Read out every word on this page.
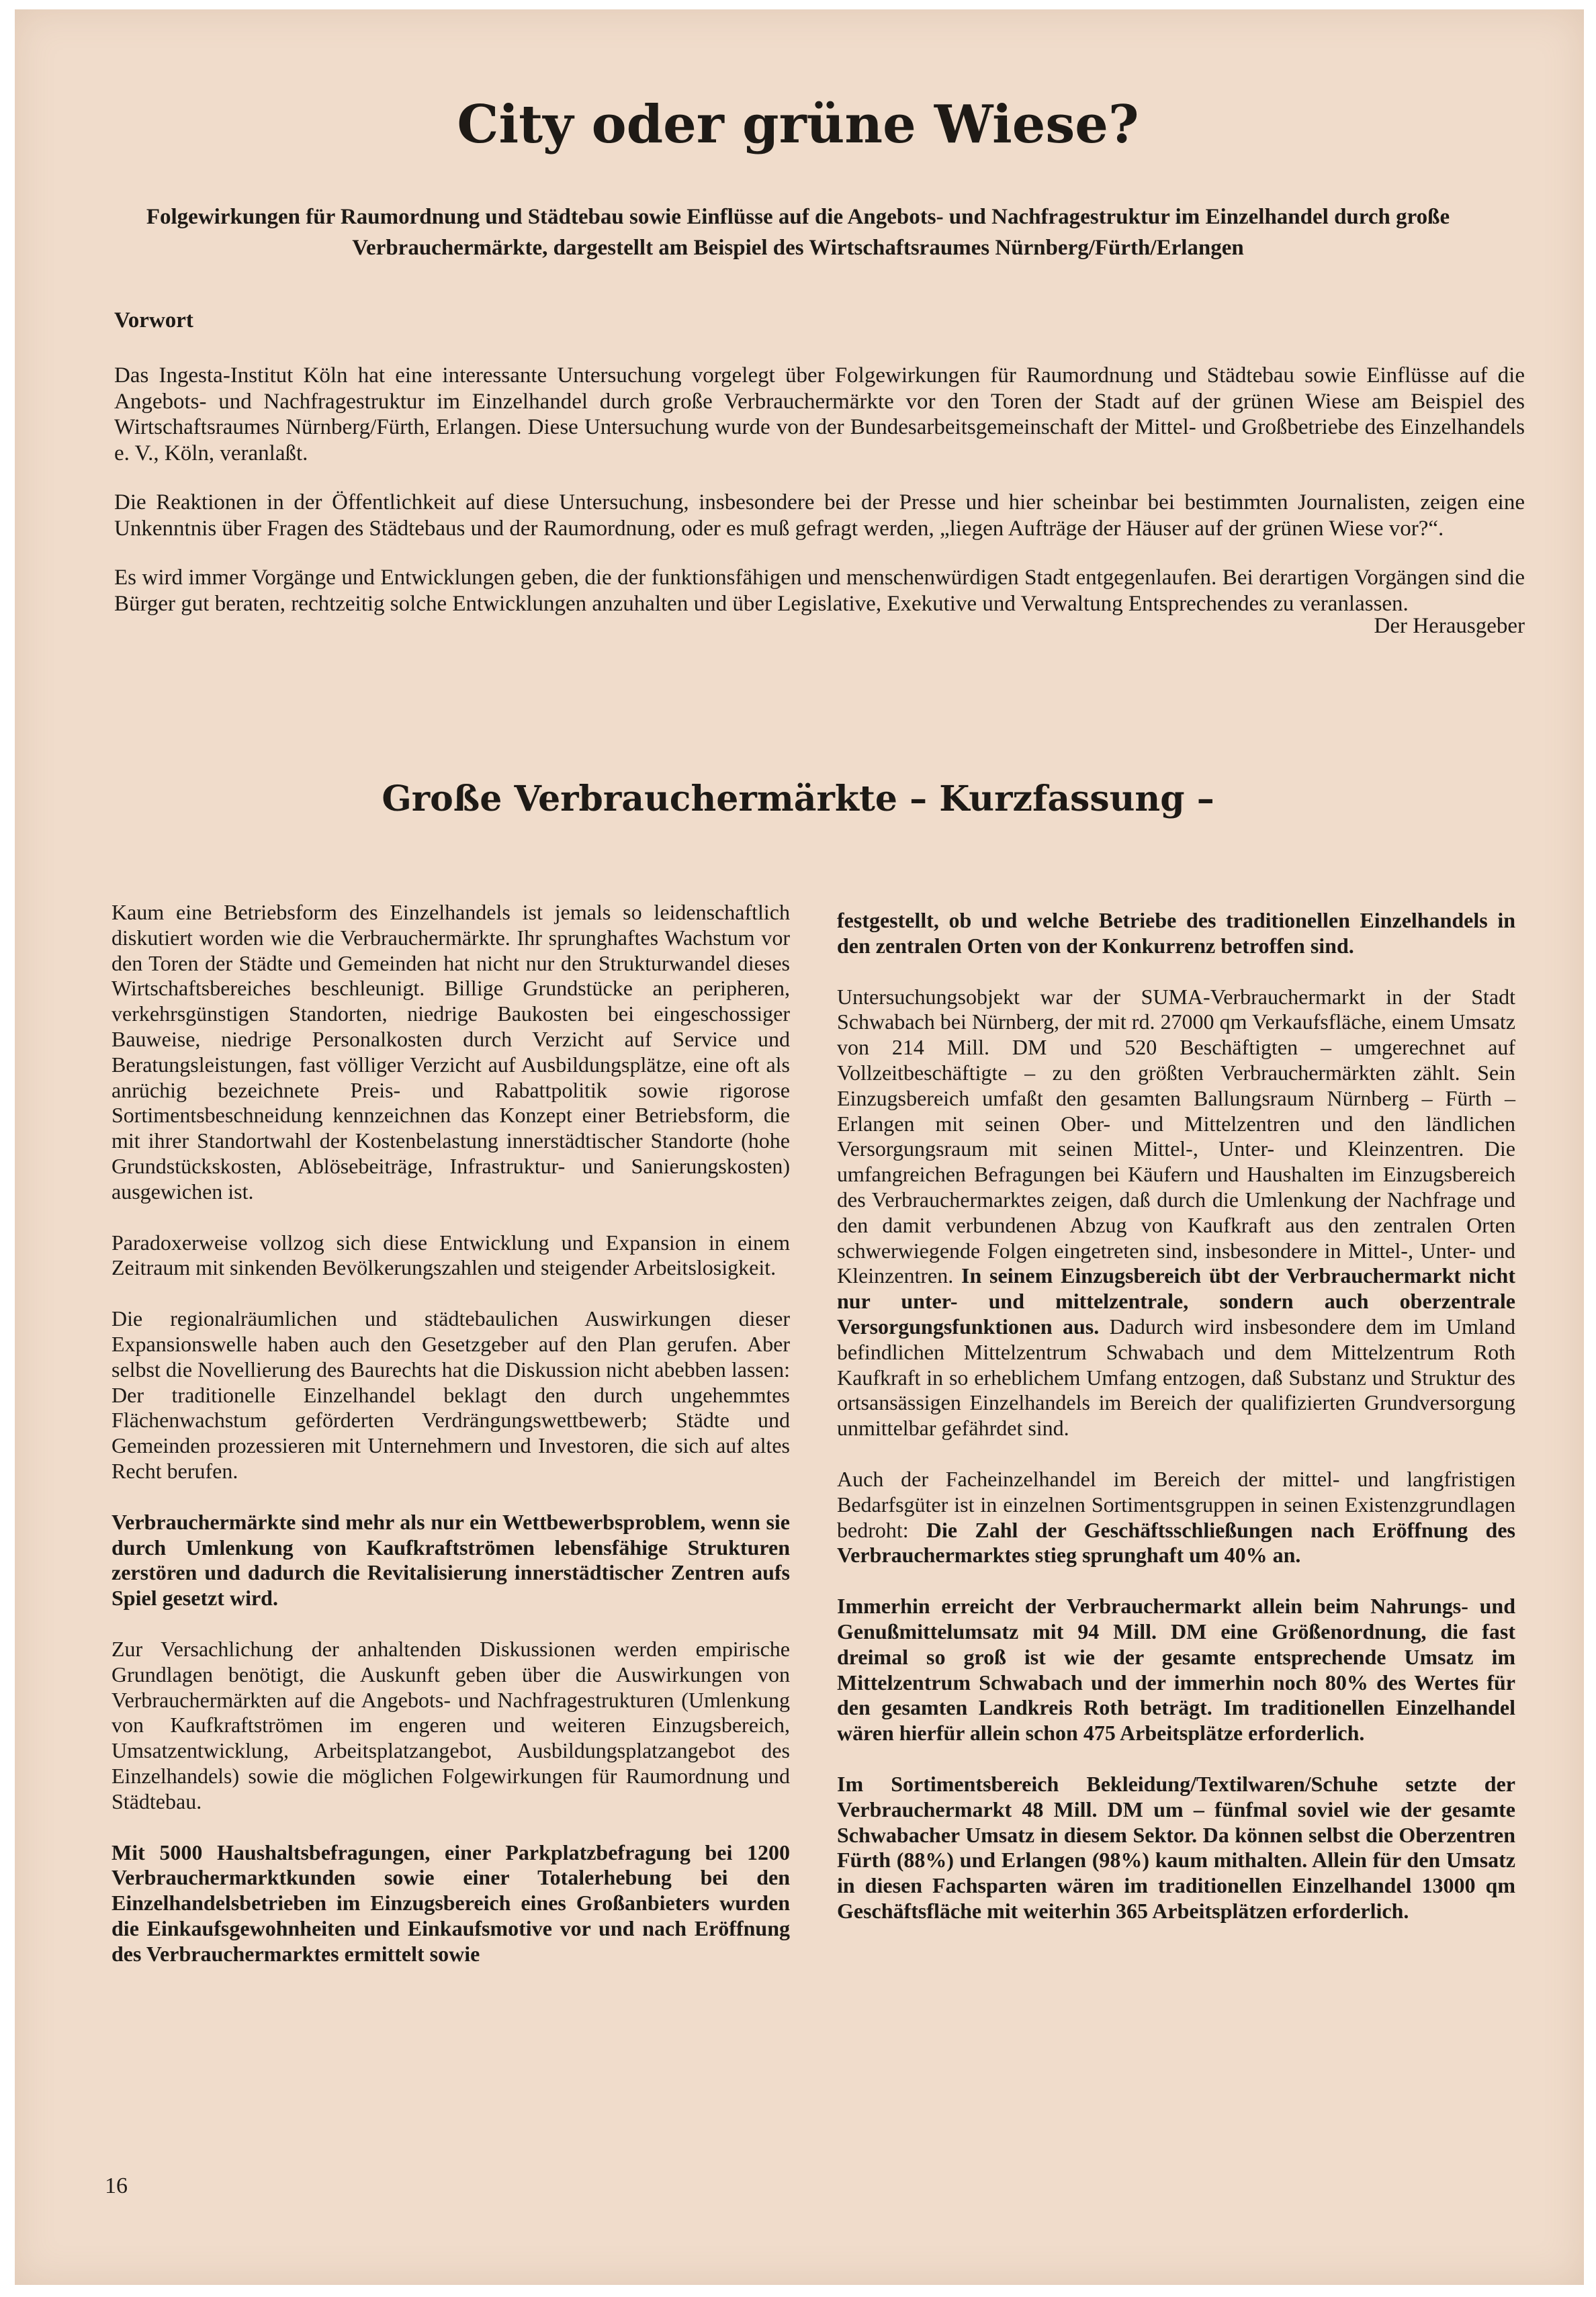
City oder grüne Wiese?

Folgewirkungen für Raumordnung und Städtebau sowie Einflüsse auf die Angebots- und Nachfragestruktur im Einzelhandel durch große Verbrauchermärkte, dargestellt am Beispiel des Wirtschaftsraumes Nürnberg/Fürth/Erlangen

Vorwort

Das Ingesta-Institut Köln hat eine interessante Untersuchung vorgelegt über Folgewirkungen für Raumordnung und Städtebau sowie Einflüsse auf die Angebots- und Nachfragestruktur im Einzelhandel durch große Verbrauchermärkte vor den Toren der Stadt auf der grünen Wiese am Beispiel des Wirtschaftsraumes Nürnberg/Fürth, Erlangen. Diese Untersuchung wurde von der Bundesarbeitsgemeinschaft der Mittel- und Großbetriebe des Einzelhandels e. V., Köln, veranlaßt.

Die Reaktionen in der Öffentlichkeit auf diese Untersuchung, insbesondere bei der Presse und hier scheinbar bei bestimmten Journalisten, zeigen eine Unkenntnis über Fragen des Städtebaus und der Raumordnung, oder es muß gefragt werden, „liegen Aufträge der Häuser auf der grünen Wiese vor?“.

Es wird immer Vorgänge und Entwicklungen geben, die der funktionsfähigen und menschenwürdigen Stadt entgegenlaufen. Bei derartigen Vorgängen sind die Bürger gut beraten, rechtzeitig solche Entwicklungen anzuhalten und über Legislative, Exekutive und Verwaltung Entsprechendes zu veranlassen.

Der Herausgeber

Große Verbrauchermärkte – Kurzfassung –

Kaum eine Betriebsform des Einzelhandels ist jemals so leidenschaftlich diskutiert worden wie die Verbrauchermärkte. Ihr sprunghaftes Wachstum vor den Toren der Städte und Gemeinden hat nicht nur den Strukturwandel dieses Wirtschaftsbereiches beschleunigt. Billige Grundstücke an peripheren, verkehrsgünstigen Standorten, niedrige Baukosten bei eingeschossiger Bauweise, niedrige Personalkosten durch Verzicht auf Service und Beratungsleistungen, fast völliger Verzicht auf Ausbildungsplätze, eine oft als anrüchig bezeichnete Preis- und Rabattpolitik sowie rigorose Sortimentsbeschneidung kennzeichnen das Konzept einer Betriebsform, die mit ihrer Standortwahl der Kostenbelastung innerstädtischer Standorte (hohe Grundstückskosten, Ablösebeiträge, Infrastruktur- und Sanierungskosten) ausgewichen ist.

Paradoxerweise vollzog sich diese Entwicklung und Expansion in einem Zeitraum mit sinkenden Bevölkerungszahlen und steigender Arbeitslosigkeit.

Die regionalräumlichen und städtebaulichen Auswirkungen dieser Expansionswelle haben auch den Gesetzgeber auf den Plan gerufen. Aber selbst die Novellierung des Baurechts hat die Diskussion nicht abebben lassen: Der traditionelle Einzelhandel beklagt den durch ungehemmtes Flächenwachstum geförderten Verdrängungswettbewerb; Städte und Gemeinden prozessieren mit Unternehmern und Investoren, die sich auf altes Recht berufen.

Verbrauchermärkte sind mehr als nur ein Wettbewerbsproblem, wenn sie durch Umlenkung von Kaufkraftströmen lebensfähige Strukturen zerstören und dadurch die Revitalisierung innerstädtischer Zentren aufs Spiel gesetzt wird.

Zur Versachlichung der anhaltenden Diskussionen werden empirische Grundlagen benötigt, die Auskunft geben über die Auswirkungen von Verbrauchermärkten auf die Angebots- und Nachfragestrukturen (Umlenkung von Kaufkraftströmen im engeren und weiteren Einzugsbereich, Umsatzentwicklung, Arbeitsplatzangebot, Ausbildungsplatzangebot des Einzelhandels) sowie die möglichen Folgewirkungen für Raumordnung und Städtebau.

Mit 5000 Haushaltsbefragungen, einer Parkplatzbefragung bei 1200 Verbrauchermarktkunden sowie einer Totalerhebung bei den Einzelhandelsbetrieben im Einzugsbereich eines Großanbieters wurden die Einkaufsgewohnheiten und Einkaufsmotive vor und nach Eröffnung des Verbrauchermarktes ermittelt sowie

festgestellt, ob und welche Betriebe des traditionellen Einzelhandels in den zentralen Orten von der Konkurrenz betroffen sind.

Untersuchungsobjekt war der SUMA-Verbrauchermarkt in der Stadt Schwabach bei Nürnberg, der mit rd. 27000 qm Verkaufsfläche, einem Umsatz von 214 Mill. DM und 520 Beschäftigten – umgerechnet auf Vollzeitbeschäftigte – zu den größten Verbrauchermärkten zählt. Sein Einzugsbereich umfaßt den gesamten Ballungsraum Nürnberg – Fürth – Erlangen mit seinen Ober- und Mittelzentren und den ländlichen Versorgungsraum mit seinen Mittel-, Unter- und Kleinzentren. Die umfangreichen Befragungen bei Käufern und Haushalten im Einzugsbereich des Verbrauchermarktes zeigen, daß durch die Umlenkung der Nachfrage und den damit verbundenen Abzug von Kaufkraft aus den zentralen Orten schwerwiegende Folgen eingetreten sind, insbesondere in Mittel-, Unter- und Kleinzentren. In seinem Einzugsbereich übt der Verbrauchermarkt nicht nur unter- und mittelzentrale, sondern auch oberzentrale Versorgungsfunktionen aus. Dadurch wird insbesondere dem im Umland befindlichen Mittelzentrum Schwabach und dem Mittelzentrum Roth Kaufkraft in so erheblichem Umfang entzogen, daß Substanz und Struktur des ortsansässigen Einzelhandels im Bereich der qualifizierten Grundversorgung unmittelbar gefährdet sind.

Auch der Facheinzelhandel im Bereich der mittel- und langfristigen Bedarfsgüter ist in einzelnen Sortimentsgruppen in seinen Existenzgrundlagen bedroht: Die Zahl der Geschäftsschließungen nach Eröffnung des Verbrauchermarktes stieg sprunghaft um 40% an.

Immerhin erreicht der Verbrauchermarkt allein beim Nahrungs- und Genußmittelumsatz mit 94 Mill. DM eine Größenordnung, die fast dreimal so groß ist wie der gesamte entsprechende Umsatz im Mittelzentrum Schwabach und der immerhin noch 80% des Wertes für den gesamten Landkreis Roth beträgt. Im traditionellen Einzelhandel wären hierfür allein schon 475 Arbeitsplätze erforderlich.

Im Sortimentsbereich Bekleidung/Textilwaren/Schuhe setzte der Verbrauchermarkt 48 Mill. DM um – fünfmal soviel wie der gesamte Schwabacher Umsatz in diesem Sektor. Da können selbst die Oberzentren Fürth (88%) und Erlangen (98%) kaum mithalten. Allein für den Umsatz in diesen Fachsparten wären im traditionellen Einzelhandel 13000 qm Geschäftsfläche mit weiterhin 365 Arbeitsplätzen erforderlich.

16
